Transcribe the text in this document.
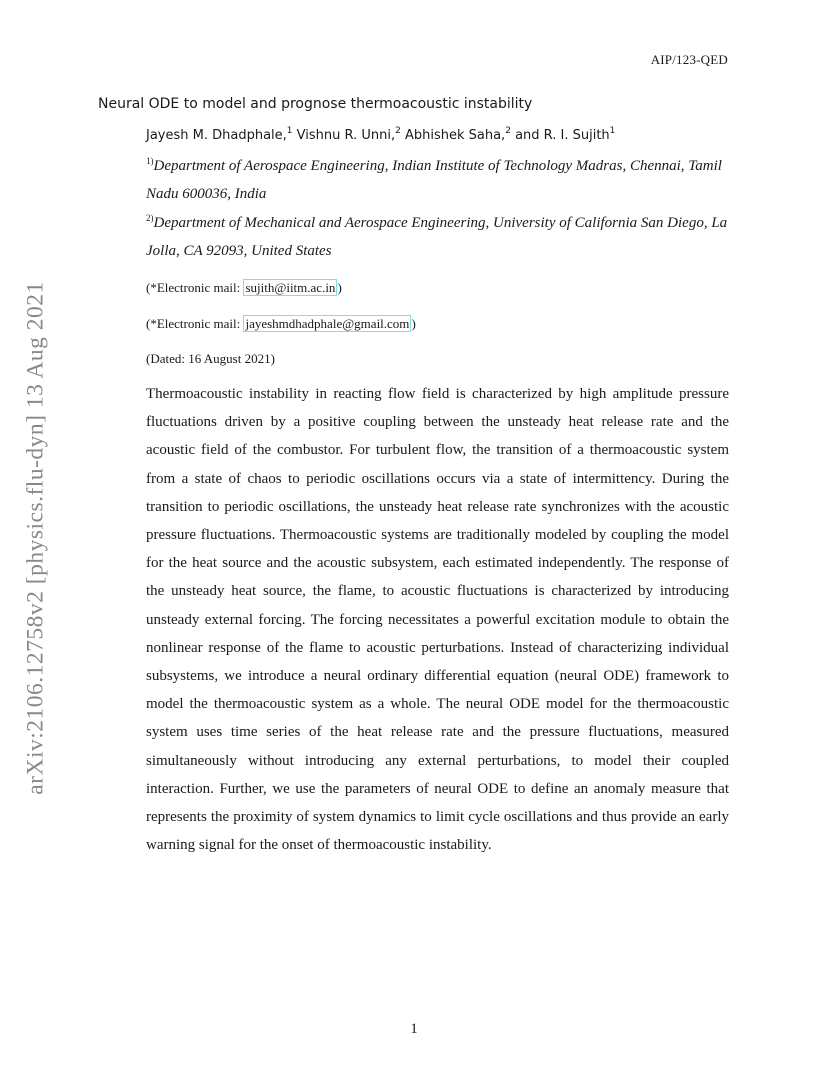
AIP/123-QED
arXiv:2106.12758v2 [physics.flu-dyn] 13 Aug 2021
Neural ODE to model and prognose thermoacoustic instability
Jayesh M. Dhadphale,$^1$ Vishnu R. Unni,$^2$ Abhishek Saha,$^2$ and R. I. Sujith$^1$
$^{1)}$Department of Aerospace Engineering, Indian Institute of Technology Madras, Chennai, Tamil Nadu 600036, India
$^{2)}$Department of Mechanical and Aerospace Engineering, University of California San Diego, La Jolla, CA 92093, United States
(*Electronic mail: sujith@iitm.ac.in )
(*Electronic mail: jayeshmdhadphale@gmail.com )
(Dated: 16 August 2021)

Thermoacoustic instability in reacting flow field is characterized by high amplitude pressure fluctuations driven by a positive coupling between the unsteady heat release rate and the acoustic field of the combustor. For turbulent flow, the transition of a thermoacoustic system from a state of chaos to periodic oscillations occurs via a state of intermittency. During the transition to periodic oscillations, the unsteady heat release rate synchronizes with the acoustic pressure fluctuations. Thermoacoustic systems are traditionally modeled by coupling the model for the heat source and the acoustic subsystem, each estimated independently. The response of the unsteady heat source, the flame, to acoustic fluctuations is characterized by introducing unsteady external forcing. The forcing necessitates a powerful excitation module to obtain the nonlinear response of the flame to acoustic perturbations. Instead of characterizing individual subsystems, we introduce a neural ordinary differential equation (neural ODE) framework to model the thermoacoustic system as a whole. The neural ODE model for the thermoacoustic system uses time series of the heat release rate and the pressure fluctuations, measured simultaneously without introducing any external perturbations, to model their coupled interaction. Further, we use the parameters of neural ODE to define an anomaly measure that represents the proximity of system dynamics to limit cycle oscillations and thus provide an early warning signal for the onset of thermoacoustic instability.

1
